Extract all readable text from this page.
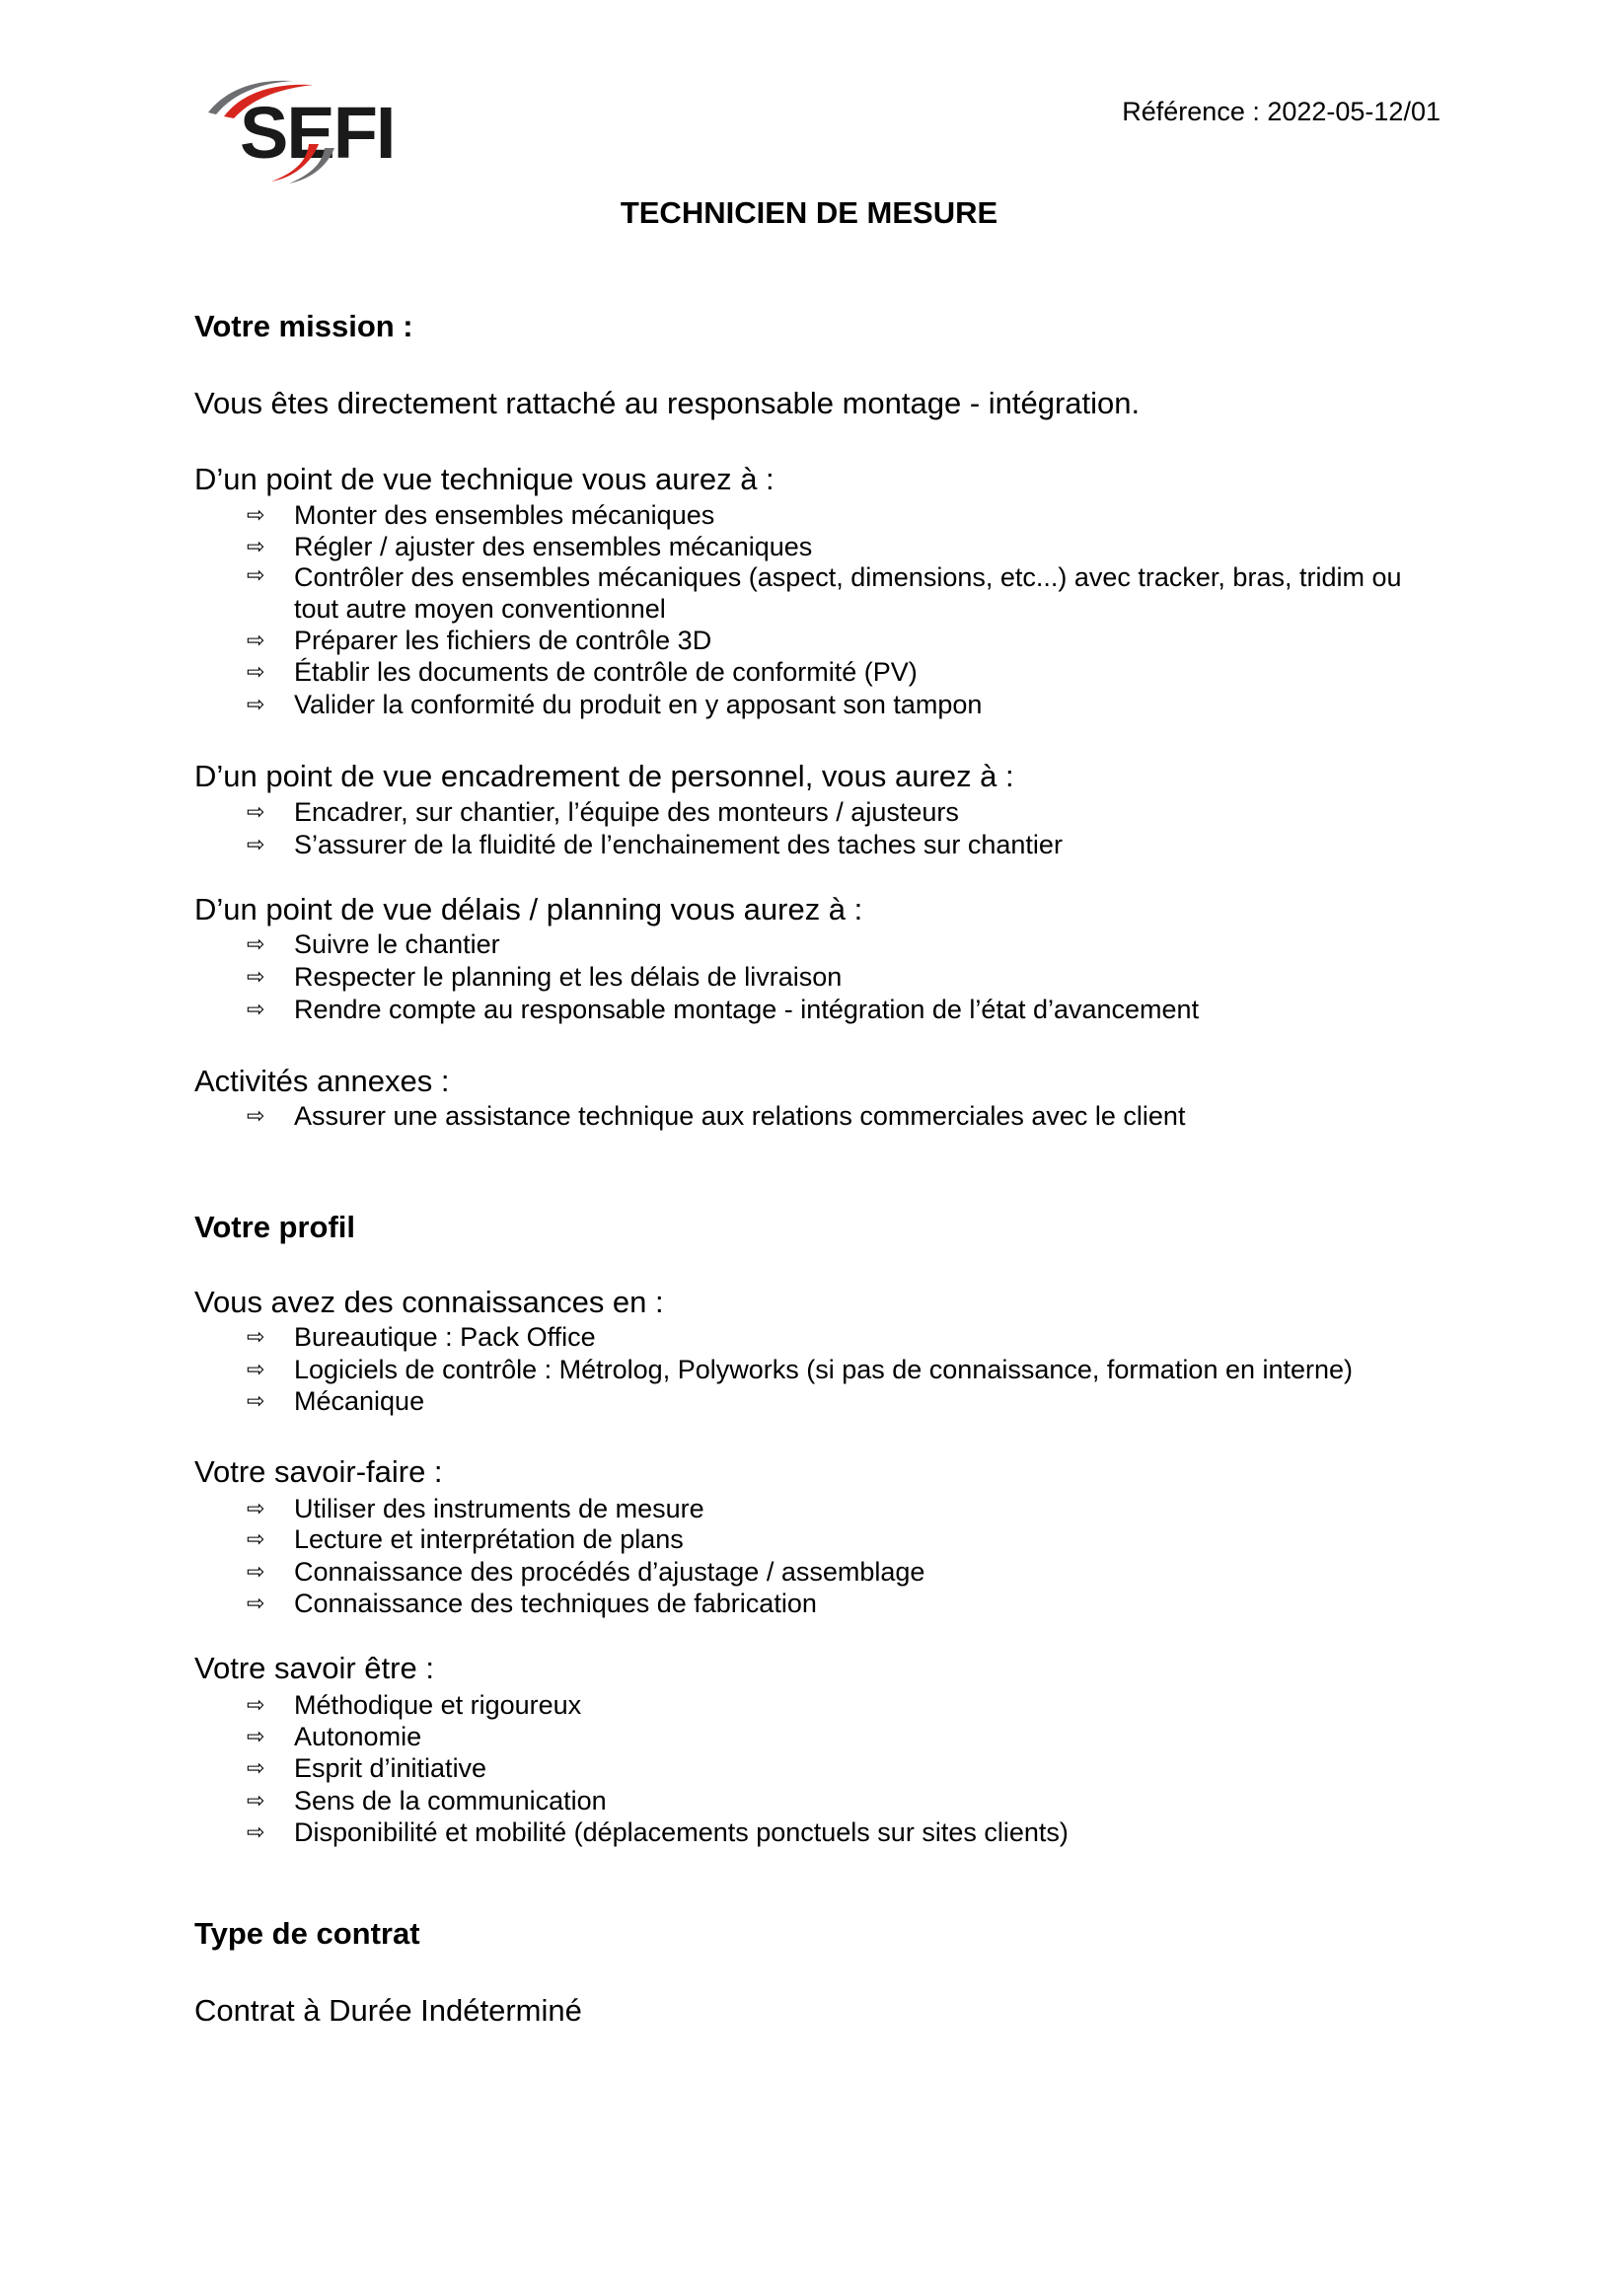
SEFI	Référence : 2022-05-12/01
TECHNICIEN DE MESURE
Votre mission :
Vous êtes directement rattaché au responsable montage - intégration.
D’un point de vue technique vous aurez à :
⇨ Monter des ensembles mécaniques
⇨ Régler / ajuster des ensembles mécaniques
⇨ Contrôler des ensembles mécaniques (aspect, dimensions, etc...) avec tracker, bras, tridim ou tout autre moyen conventionnel
⇨ Préparer les fichiers de contrôle 3D
⇨ Établir les documents de contrôle de conformité (PV)
⇨ Valider la conformité du produit en y apposant son tampon
D’un point de vue encadrement de personnel, vous aurez à :
⇨ Encadrer, sur chantier, l’équipe des monteurs / ajusteurs
⇨ S’assurer de la fluidité de l’enchainement des taches sur chantier
D’un point de vue délais / planning vous aurez à :
⇨ Suivre le chantier
⇨ Respecter le planning et les délais de livraison
⇨ Rendre compte au responsable montage - intégration de l’état d’avancement
Activités annexes :
⇨ Assurer une assistance technique aux relations commerciales avec le client
Votre profil
Vous avez des connaissances en :
⇨ Bureautique : Pack Office
⇨ Logiciels de contrôle : Métrolog, Polyworks (si pas de connaissance, formation en interne)
⇨ Mécanique
Votre savoir-faire :
⇨ Utiliser des instruments de mesure
⇨ Lecture et interprétation de plans
⇨ Connaissance des procédés d’ajustage / assemblage
⇨ Connaissance des techniques de fabrication
Votre savoir être :
⇨ Méthodique et rigoureux
⇨ Autonomie
⇨ Esprit d’initiative
⇨ Sens de la communication
⇨ Disponibilité et mobilité (déplacements ponctuels sur sites clients)
Type de contrat
Contrat à Durée Indéterminé
